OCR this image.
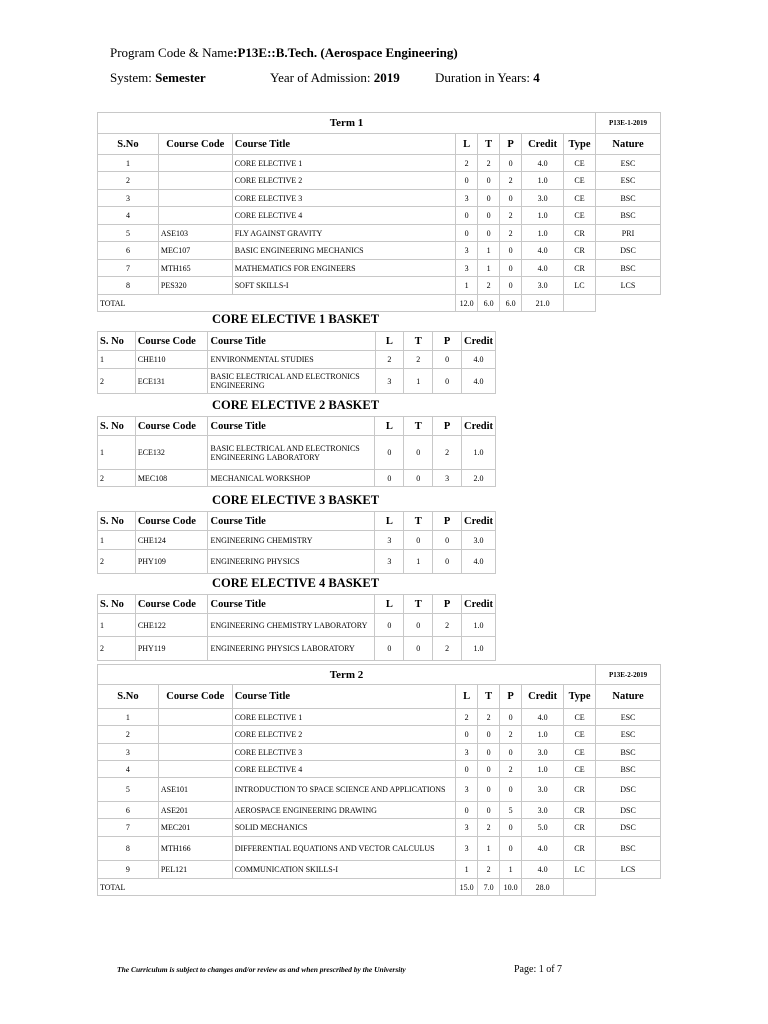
Program Code & Name:P13E::B.Tech. (Aerospace Engineering)
System: Semester	Year of Admission: 2019	Duration in Years: 4
Term 1								P13E-1-2019
S.No	Course Code	Course Title	L	T	P	Credit	Type	Nature
1		CORE ELECTIVE 1	2	2	0	4.0	CE	ESC
2		CORE ELECTIVE 2	0	0	2	1.0	CE	ESC
3		CORE ELECTIVE 3	3	0	0	3.0	CE	BSC
4		CORE ELECTIVE 4	0	0	2	1.0	CE	BSC
5	ASE103	FLY AGAINST GRAVITY	0	0	2	1.0	CR	PRI
6	MEC107	BASIC ENGINEERING MECHANICS	3	1	0	4.0	CR	DSC
7	MTH165	MATHEMATICS FOR ENGINEERS	3	1	0	4.0	CR	BSC
8	PES320	SOFT SKILLS-I	1	2	0	3.0	LC	LCS
TOTAL			12.0	6.0	6.0	21.0		
CORE ELECTIVE 1 BASKET
S. No	Course Code	Course Title	L	T	P	Credit
1	CHE110	ENVIRONMENTAL STUDIES	2	2	0	4.0
2	ECE131	BASIC ELECTRICAL AND ELECTRONICS ENGINEERING	3	1	0	4.0
CORE ELECTIVE 2 BASKET
S. No	Course Code	Course Title	L	T	P	Credit
1	ECE132	BASIC ELECTRICAL AND ELECTRONICS ENGINEERING LABORATORY	0	0	2	1.0
2	MEC108	MECHANICAL WORKSHOP	0	0	3	2.0
CORE ELECTIVE 3 BASKET
S. No	Course Code	Course Title	L	T	P	Credit
1	CHE124	ENGINEERING CHEMISTRY	3	0	0	3.0
2	PHY109	ENGINEERING PHYSICS	3	1	0	4.0
CORE ELECTIVE 4 BASKET
S. No	Course Code	Course Title	L	T	P	Credit
1	CHE122	ENGINEERING CHEMISTRY LABORATORY	0	0	2	1.0
2	PHY119	ENGINEERING PHYSICS LABORATORY	0	0	2	1.0
Term 2								P13E-2-2019
S.No	Course Code	Course Title	L	T	P	Credit	Type	Nature
1		CORE ELECTIVE 1	2	2	0	4.0	CE	ESC
2		CORE ELECTIVE 2	0	0	2	1.0	CE	ESC
3		CORE ELECTIVE 3	3	0	0	3.0	CE	BSC
4		CORE ELECTIVE 4	0	0	2	1.0	CE	BSC
5	ASE101	INTRODUCTION TO SPACE SCIENCE AND APPLICATIONS	3	0	0	3.0	CR	DSC
6	ASE201	AEROSPACE ENGINEERING DRAWING	0	0	5	3.0	CR	DSC
7	MEC201	SOLID MECHANICS	3	2	0	5.0	CR	DSC
8	MTH166	DIFFERENTIAL EQUATIONS AND VECTOR CALCULUS	3	1	0	4.0	CR	BSC
9	PEL121	COMMUNICATION SKILLS-I	1	2	1	4.0	LC	LCS
TOTAL			15.0	7.0	10.0	28.0		
The Curriculum is subject to changes and/or review as and when prescribed by the University	Page: 1 of 7
